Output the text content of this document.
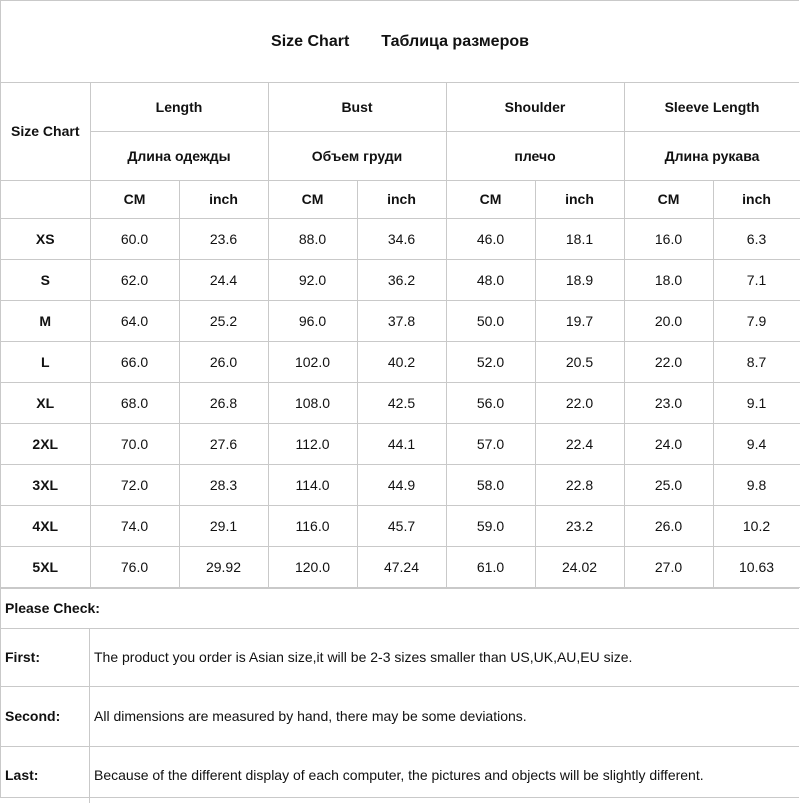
Size Chart Таблица размеров
Size Chart	Length		Bust		Shoulder		Sleeve Length	
	Длина одежды		Объем груди		плечо		Длина рукава	
	CM	inch	CM	inch	CM	inch	CM	inch
XS	60.0	23.6	88.0	34.6	46.0	18.1	16.0	6.3
S	62.0	24.4	92.0	36.2	48.0	18.9	18.0	7.1
M	64.0	25.2	96.0	37.8	50.0	19.7	20.0	7.9
L	66.0	26.0	102.0	40.2	52.0	20.5	22.0	8.7
XL	68.0	26.8	108.0	42.5	56.0	22.0	23.0	9.1
2XL	70.0	27.6	112.0	44.1	57.0	22.4	24.0	9.4
3XL	72.0	28.3	114.0	44.9	58.0	22.8	25.0	9.8
4XL	74.0	29.1	116.0	45.7	59.0	23.2	26.0	10.2
5XL	76.0	29.92	120.0	47.24	61.0	24.02	27.0	10.63
Please Check:
First:	The product you order is Asian size,it will be 2-3 sizes smaller than US,UK,AU,EU size.
Second:	All dimensions are measured by hand, there may be some deviations.
Last:	Because of the different display of each computer, the pictures and objects will be slightly different.
